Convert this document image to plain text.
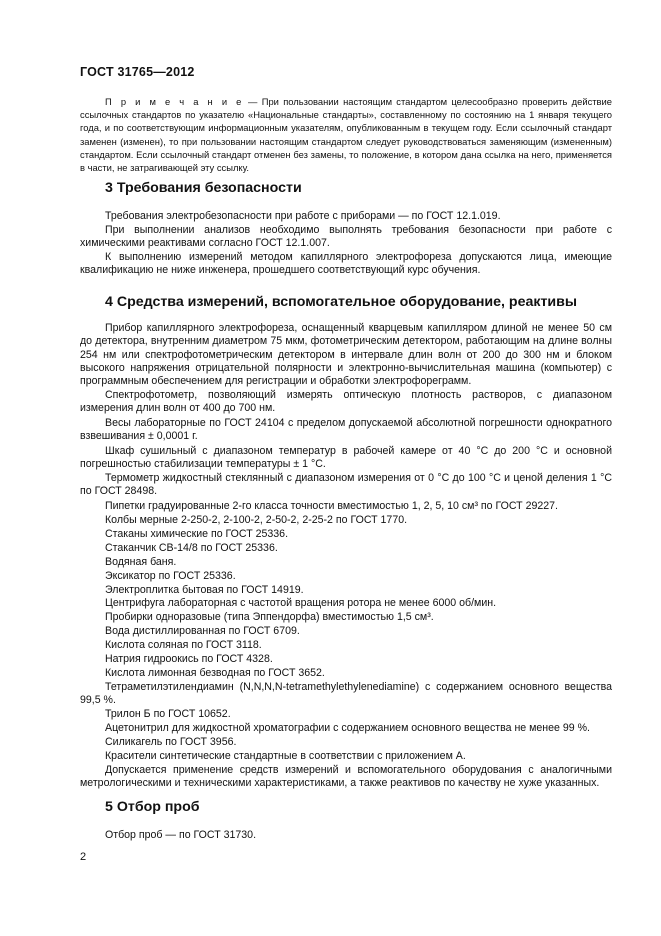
ГОСТ 31765—2012
П р и м е ч а н и е — При пользовании настоящим стандартом целесообразно проверить действие ссылочных стандартов по указателю «Национальные стандарты», составленному по состоянию на 1 января текущего года, и по соответствующим информационным указателям, опубликованным в текущем году. Если ссылочный стандарт заменен (изменен), то при пользовании настоящим стандартом следует руководствоваться заменяющим (измененным) стандартом. Если ссылочный стандарт отменен без замены, то положение, в котором дана ссылка на него, применяется в части, не затрагивающей эту ссылку.
3 Требования безопасности
Требования электробезопасности при работе с приборами — по ГОСТ 12.1.019.
При выполнении анализов необходимо выполнять требования безопасности при работе с химическими реактивами согласно ГОСТ 12.1.007.
К выполнению измерений методом капиллярного электрофореза допускаются лица, имеющие квалификацию не ниже инженера, прошедшего соответствующий курс обучения.
4 Средства измерений, вспомогательное оборудование, реактивы
Прибор капиллярного электрофореза, оснащенный кварцевым капилляром длиной не менее 50 см до детектора, внутренним диаметром 75 мкм, фотометрическим детектором, работающим на длине волны 254 нм или спектрофотометрическим детектором в интервале длин волн от 200 до 300 нм и блоком высокого напряжения отрицательной полярности и электронно-вычислительная машина (компьютер) с программным обеспечением для регистрации и обработки электрофореграмм.
Спектрофотометр, позволяющий измерять оптическую плотность растворов, с диапазоном измерения длин волн от 400 до 700 нм.
Весы лабораторные по ГОСТ 24104 с пределом допускаемой абсолютной погрешности однократного взвешивания ± 0,0001 г.
Шкаф сушильный с диапазоном температур в рабочей камере от 40 °С до 200 °С и основной погрешностью стабилизации температуры ± 1 °С.
Термометр жидкостный стеклянный с диапазоном измерения от 0 °С до 100 °С и ценой деления 1 °С по ГОСТ 28498.
Пипетки градуированные 2-го класса точности вместимостью 1, 2, 5, 10 см³ по ГОСТ 29227.
Колбы мерные 2-250-2, 2-100-2, 2-50-2, 2-25-2 по ГОСТ 1770.
Стаканы химические по ГОСТ 25336.
Стаканчик СВ-14/8 по ГОСТ 25336.
Водяная баня.
Эксикатор по ГОСТ 25336.
Электроплитка бытовая по ГОСТ 14919.
Центрифуга лабораторная с частотой вращения ротора не менее 6000 об/мин.
Пробирки одноразовые (типа Эппендорфа) вместимостью 1,5 см³.
Вода дистиллированная по ГОСТ 6709.
Кислота соляная по ГОСТ 3118.
Натрия гидроокись по ГОСТ 4328.
Кислота лимонная безводная по ГОСТ 3652.
Тетраметилэтилендиамин (N,N,N,N-tetramethylethylenediamine) с содержанием основного вещества 99,5 %.
Трилон Б по ГОСТ 10652.
Ацетонитрил для жидкостной хроматографии с содержанием основного вещества не менее 99 %.
Силикагель по ГОСТ 3956.
Красители синтетические стандартные в соответствии с приложением А.
Допускается применение средств измерений и вспомогательного оборудования с аналогичными метрологическими и техническими характеристиками, а также реактивов по качеству не хуже указанных.
5 Отбор проб
Отбор проб — по ГОСТ 31730.
2
